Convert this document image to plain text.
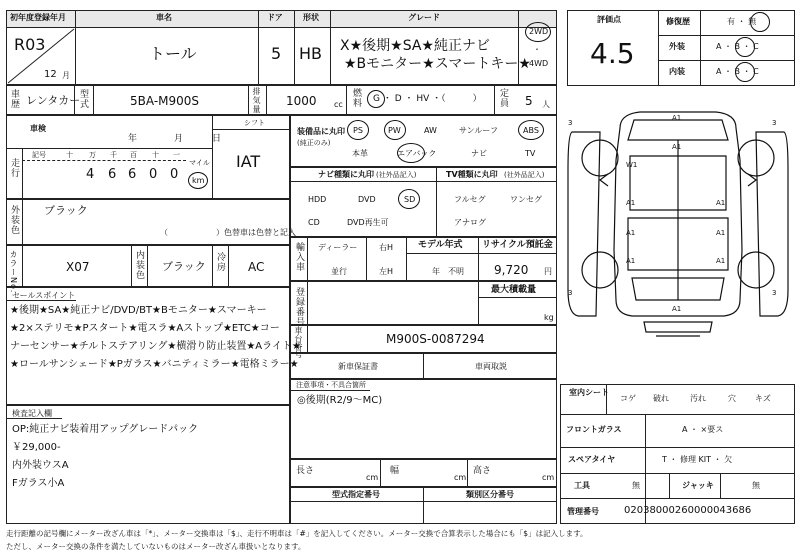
初年度登録年月	車名	ドア	形状	グレード
R03
12 月
トール	5 HB X★後期★SA★純正ナビ
★Bモニター★スマートキー★
2WD
・
4WD
車歴 レンタカー
型式	5BA-M900S	排気量 1000 cc 燃料 G ・ D ・ HV ・（　　　） 定員 5 人
車検
年	月	日
シフト
IAT
走行
記号	十 万 千 百 十 一
4 6 6 0 0
マイル
km
外装色 ブラック
（　　　　　　）色替車は色替と記入
カラーNo.	X07	内装色 ブラック 冷房 AC
セールスポイント
★後期★SA★純正ナビ/DVD/BT★Bモニター★スマーキー
★2×ステリモ★Pスタート★電スラ★Aストップ★ETC★コー
ナーセンサー★チルトステアリング★横滑り防止装置★Aライト★
★ロールサンシェード★Pガラス★バニティミラー★電格ミラー★
検査記入欄
OP:純正ナビ装着用アップグレードパック
￥29,000-
内外装ウスA
Fガラス小A
装備品に丸印
(純正のみ)
PS	PW	AW	サンルーフ	ABS
本革	エアバック	ナビ	TV
ナビ種類に丸印 (社外品記入)	TV種類に丸印 (社外品記入)
HDD	DVD	SD
CD	DVD再生可
フルセグ	ワンセグ
アナログ
輸入車 ディーラー
並行
右H
左H
モデル年式
年　不明
リサイクル預託金
9,720 円
登録番号	最大積載量
kg
車台番号	M900S-0087294
新車保証書	車両取説
注意事項・不具合箇所
◎後期(R2/9～MC)
長さ
cm
幅
cm
高さ
cm
型式指定番号	類別区分番号
評価点
4.5
修復歴	有 ・ 無
外装	A ・ B ・ C
内装	A ・ B ・ C
3	3
3	3
A1
A1
W1
A1	A1
A1	A1
A1	A1
A1
室内シート
コゲ 破れ	汚れ	穴 キズ
フロントガラス	A ・ ×要ス
スペアタイヤ	T ・ 修理 KIT ・ 欠
工具	無	ジャッキ	無
管理番号	02038000260000043686
走行距離の記号欄にメーター改ざん車は「*」、メーター交換車は「$」、走行不明車は「#」を記入してください。メーター交換で合算表示した場合にも「$」は記入します。
ただし、メーター交換の条件を満たしていないものはメーター改ざん車扱いとなります。
